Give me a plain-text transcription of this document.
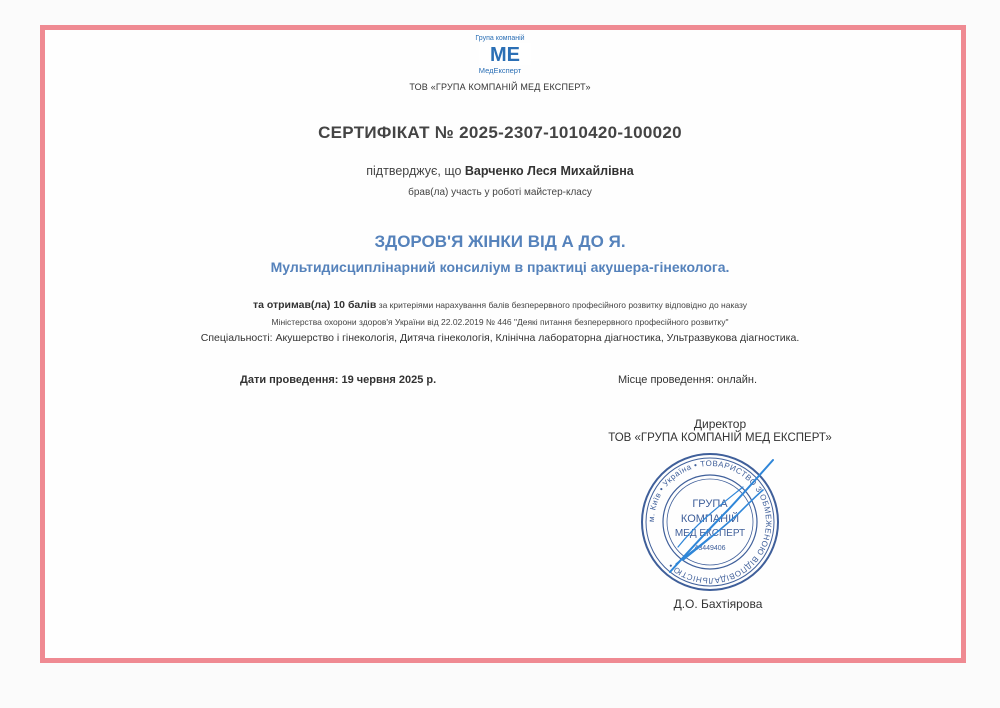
Група компаній
МЕ
МедЕксперт
ТОВ «ГРУПА КОМПАНІЙ МЕД ЕКСПЕРТ»
СЕРТИФІКАТ № 2025-2307-1010420-100020
підтверджує, що Варченко Леся Михайлівна
брав(ла) участь у роботі майстер-класу
ЗДОРОВ'Я ЖІНКИ ВІД А ДО Я.
Мультидисциплінарний консиліум в практиці акушера-гінеколога.
та отримав(ла) 10 балів за критеріями нарахування балів безперервного професійного розвитку відповідно до наказу
Міністерства охорони здоров'я України від 22.02.2019 № 446 "Деякі питання безперервного професійного розвитку"
Спеціальності: Акушерство і гінекологія, Дитяча гінекологія, Клінічна лабораторна діагностика, Ультразвукова діагностика.
Дати проведення: 19 червня 2025 р.	Місце проведення: онлайн.
Директор
ТОВ «ГРУПА КОМПАНІЙ МЕД ЕКСПЕРТ»
м. Київ • Україна • ТОВАРИСТВО З ОБМЕЖЕНОЮ ВІДПОВІДАЛЬНІСТЮ •
ГРУПА
КОМПАНІЙ
МЕД ЕКСПЕРТ
43449406
Д.О. Бахтіярова
